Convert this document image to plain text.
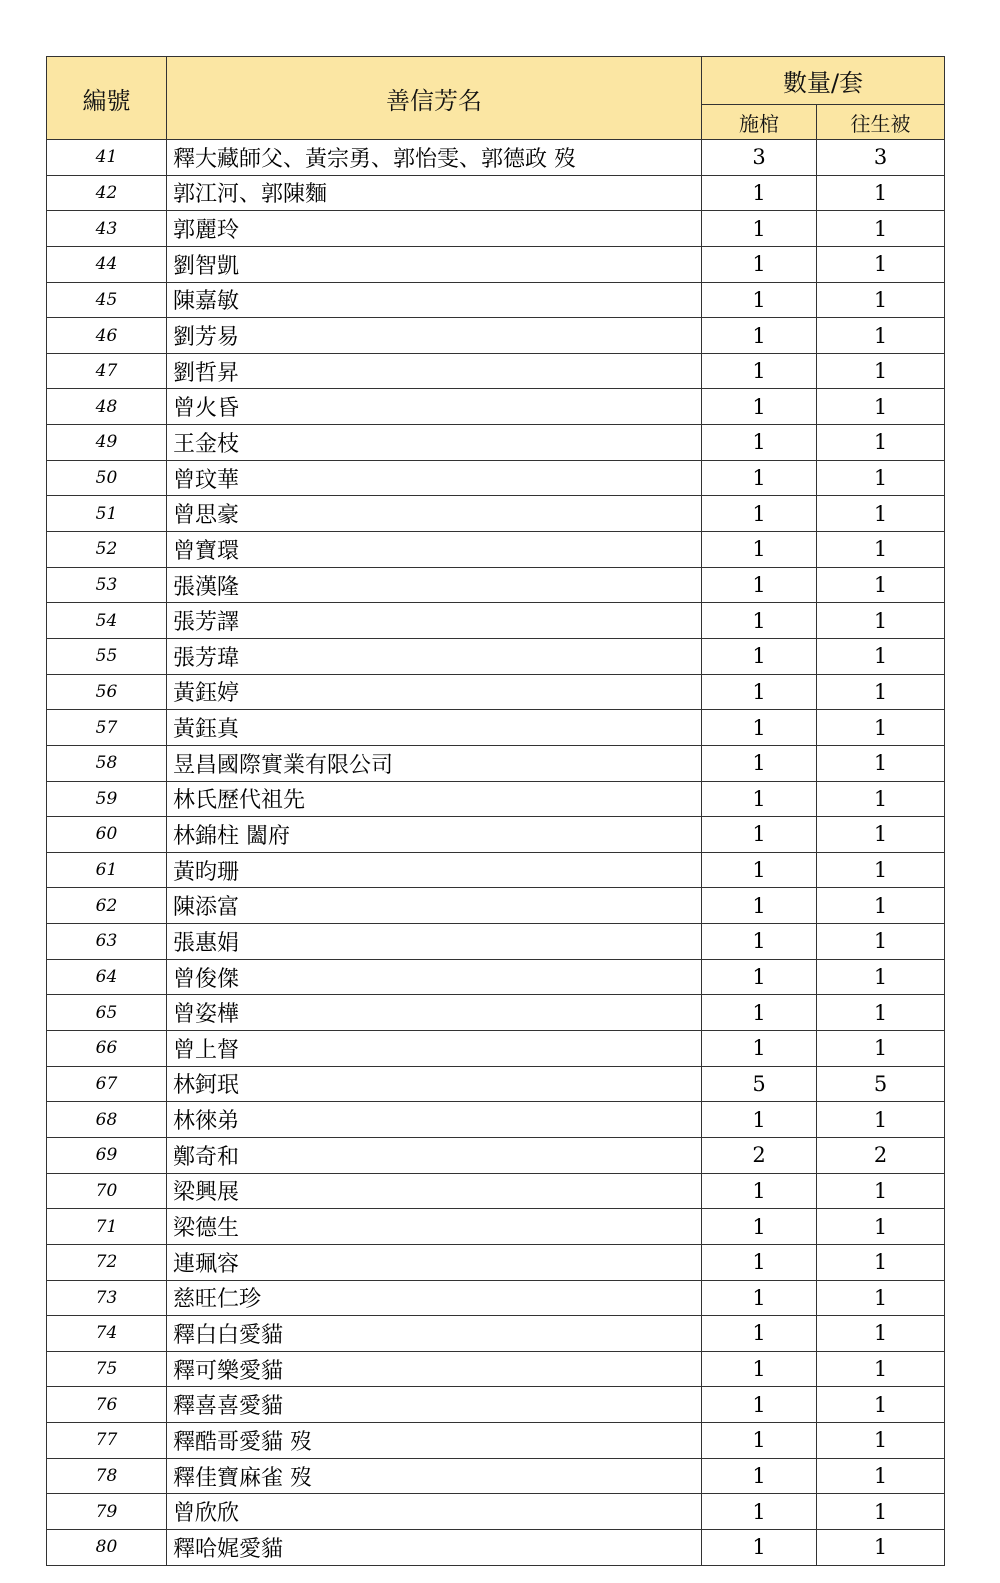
編號	善信芳名	數量/套	
		施棺	往生被
41	釋大藏師父、黃宗勇、郭怡雯、郭德政 歿	3	3
42	郭江河、郭陳麵	1	1
43	郭麗玲	1	1
44	劉智凱	1	1
45	陳嘉敏	1	1
46	劉芳易	1	1
47	劉哲昇	1	1
48	曾火昏	1	1
49	王金枝	1	1
50	曾玟華	1	1
51	曾思豪	1	1
52	曾寶環	1	1
53	張漢隆	1	1
54	張芳譯	1	1
55	張芳瑋	1	1
56	黃鈺婷	1	1
57	黃鈺真	1	1
58	昱昌國際實業有限公司	1	1
59	林氏歷代祖先	1	1
60	林錦柱 闔府	1	1
61	黃昀珊	1	1
62	陳添富	1	1
63	張惠娟	1	1
64	曾俊傑	1	1
65	曾姿樺	1	1
66	曾上督	1	1
67	林鈳珉	5	5
68	林徠弟	1	1
69	鄭奇和	2	2
70	梁興展	1	1
71	梁德生	1	1
72	連珮容	1	1
73	慈旺仁珍	1	1
74	釋白白愛貓	1	1
75	釋可樂愛貓	1	1
76	釋喜喜愛貓	1	1
77	釋酷哥愛貓 歿	1	1
78	釋佳寶麻雀 歿	1	1
79	曾欣欣	1	1
80	釋哈娓愛貓	1	1
